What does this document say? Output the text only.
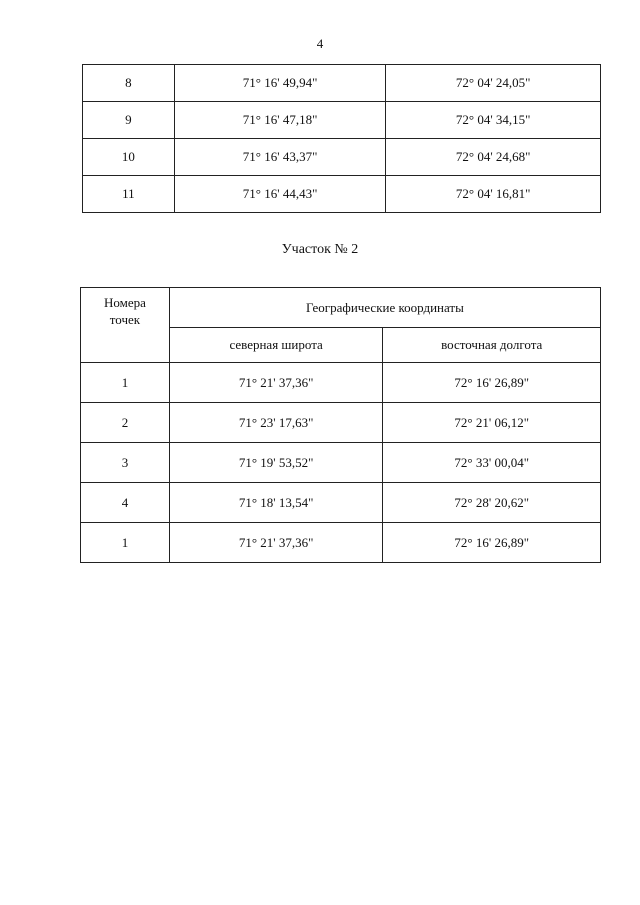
4
8	71° 16' 49,94"	72° 04' 24,05"
9	71° 16' 47,18"	72° 04' 34,15"
10	71° 16' 43,37"	72° 04' 24,68"
11	71° 16' 44,43"	72° 04' 16,81"
Участок № 2
Номера
точек	Географические координаты	
	северная широта	восточная долгота
1	71° 21' 37,36"	72° 16' 26,89"
2	71° 23' 17,63"	72° 21' 06,12"
3	71° 19' 53,52"	72° 33' 00,04"
4	71° 18' 13,54"	72° 28' 20,62"
1	71° 21' 37,36"	72° 16' 26,89"
